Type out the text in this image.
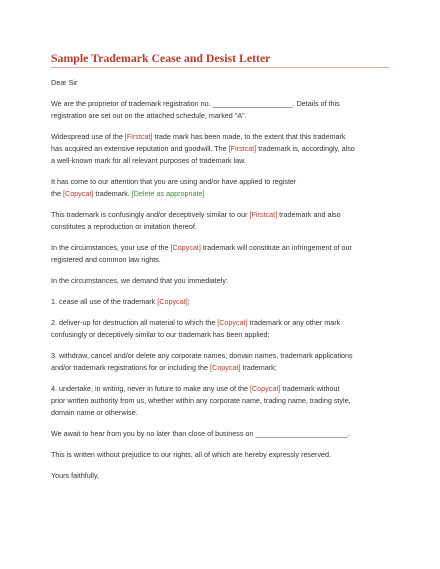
Sample Trademark Cease and Desist Letter

Dear Sir

We are the proprietor of trademark registration no. ____________________. Details of this
registration are set out on the attached schedule, marked "A".

Widespread use of the [Firstcat] trade mark has been made, to the extent that this trademark
has acquired an extensive reputation and goodwill. The [Firstcat] trademark is, accordingly, also
a well-known mark for all relevant purposes of trademark law.

It has come to our attention that you are using and/or have applied to register
the [Copycat] trademark. [Delete as appropriate]

This trademark is confusingly and/or deceptively similar to our [Firstcat] trademark and also
constitutes a reproduction or imitation thereof.

In the circumstances, your use of the [Copycat] trademark will constitute an infringement of our
registered and common law rights.

In the circumstances, we demand that you immediately:

1. cease all use of the trademark [Copycat];

2. deliver-up for destruction all material to which the [Copycat] trademark or any other mark
confusingly or deceptively similar to our trademark has been applied;

3. withdraw, cancel and/or delete any corporate names, domain names, trademark applications
and/or trademark registrations for or including the [Copycat] trademark;

4. undertake, in writing, never in future to make any use of the [Copycat] trademark without
prior written authority from us, whether within any corporate name, trading name, trading style,
domain name or otherwise.

We await to hear from you by no later than close of business on _______________________.

This is written without prejudice to our rights, all of which are hereby expressly reserved.

Yours faithfully,
